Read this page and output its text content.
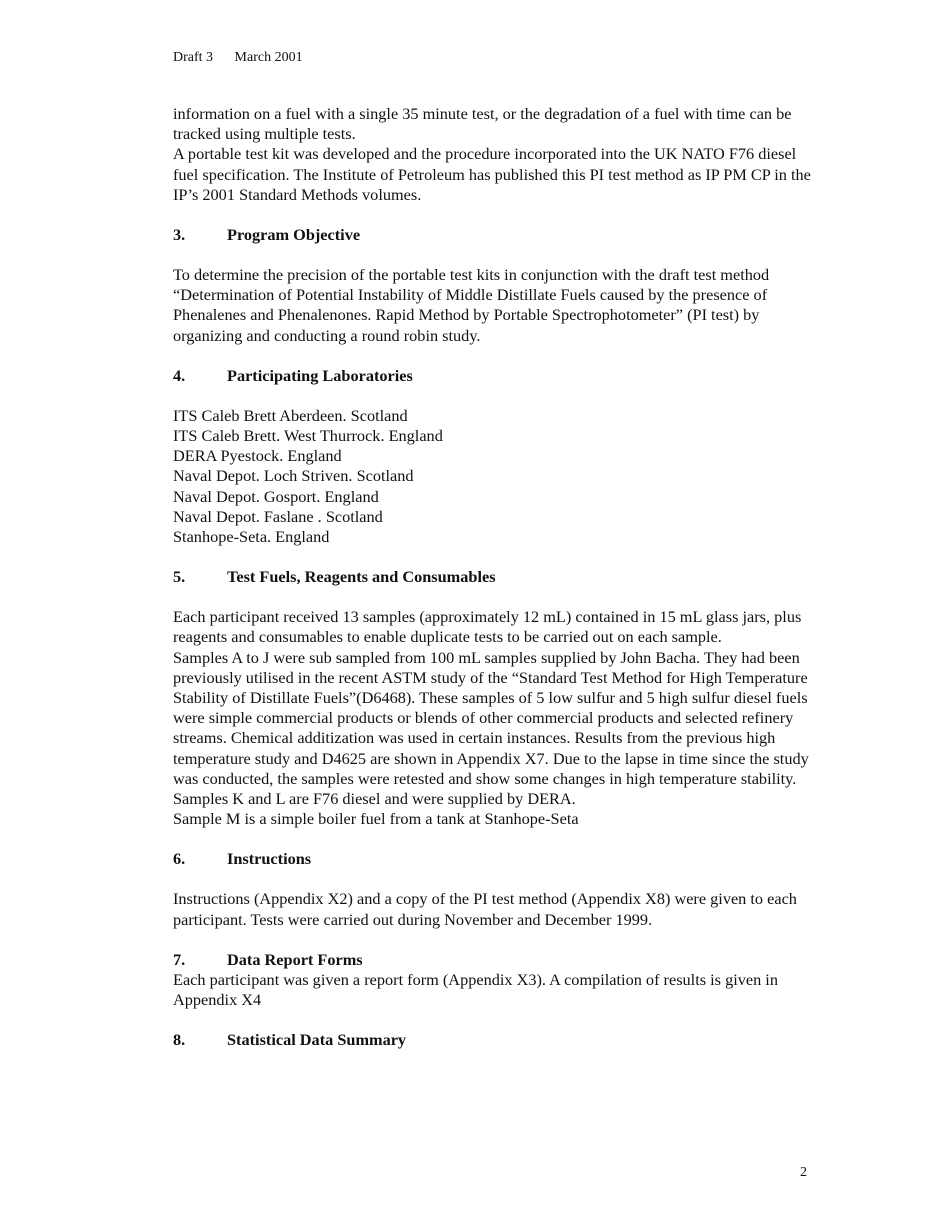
Draft 3 March 2001

information on a fuel with a single 35 minute test, or the degradation of a fuel with time can be tracked using multiple tests.

A portable test kit was developed and the procedure incorporated into the UK NATO F76 diesel fuel specification. The Institute of Petroleum has published this PI test method as IP PM CP in the IP’s 2001 Standard Methods volumes.

3.	Program Objective

To determine the precision of the portable test kits in conjunction with the draft test method “Determination of Potential Instability of Middle Distillate Fuels caused by the presence of Phenalenes and Phenalenones. Rapid Method by Portable Spectrophotometer” (PI test) by organizing and conducting a round robin study.

4.	Participating Laboratories
ITS Caleb Brett Aberdeen. Scotland
ITS Caleb Brett. West Thurrock. England
DERA Pyestock. England
Naval Depot. Loch Striven. Scotland
Naval Depot. Gosport. England
Naval Depot. Faslane . Scotland
Stanhope-Seta. England
5.	Test Fuels, Reagents and Consumables

Each participant received 13 samples (approximately 12 mL) contained in 15 mL glass jars, plus reagents and consumables to enable duplicate tests to be carried out on each sample.

Samples A to J were sub sampled from 100 mL samples supplied by John Bacha. They had been previously utilised in the recent ASTM study of the “Standard Test Method for High Temperature Stability of Distillate Fuels”(D6468). These samples of 5 low sulfur and 5 high sulfur diesel fuels were simple commercial products or blends of other commercial products and selected refinery streams. Chemical additization was used in certain instances. Results from the previous high temperature study and D4625 are shown in Appendix X7. Due to the lapse in time since the study was conducted, the samples were retested and show some changes in high temperature stability.

Samples K and L are F76 diesel and were supplied by DERA.

Sample M is a simple boiler fuel from a tank at Stanhope-Seta

6.	Instructions

Instructions (Appendix X2) and a copy of the PI test method (Appendix X8) were given to each participant. Tests were carried out during November and December 1999.

7.	Data Report Forms

Each participant was given a report form (Appendix X3). A compilation of results is given in Appendix X4

8.	Statistical Data Summary
2
